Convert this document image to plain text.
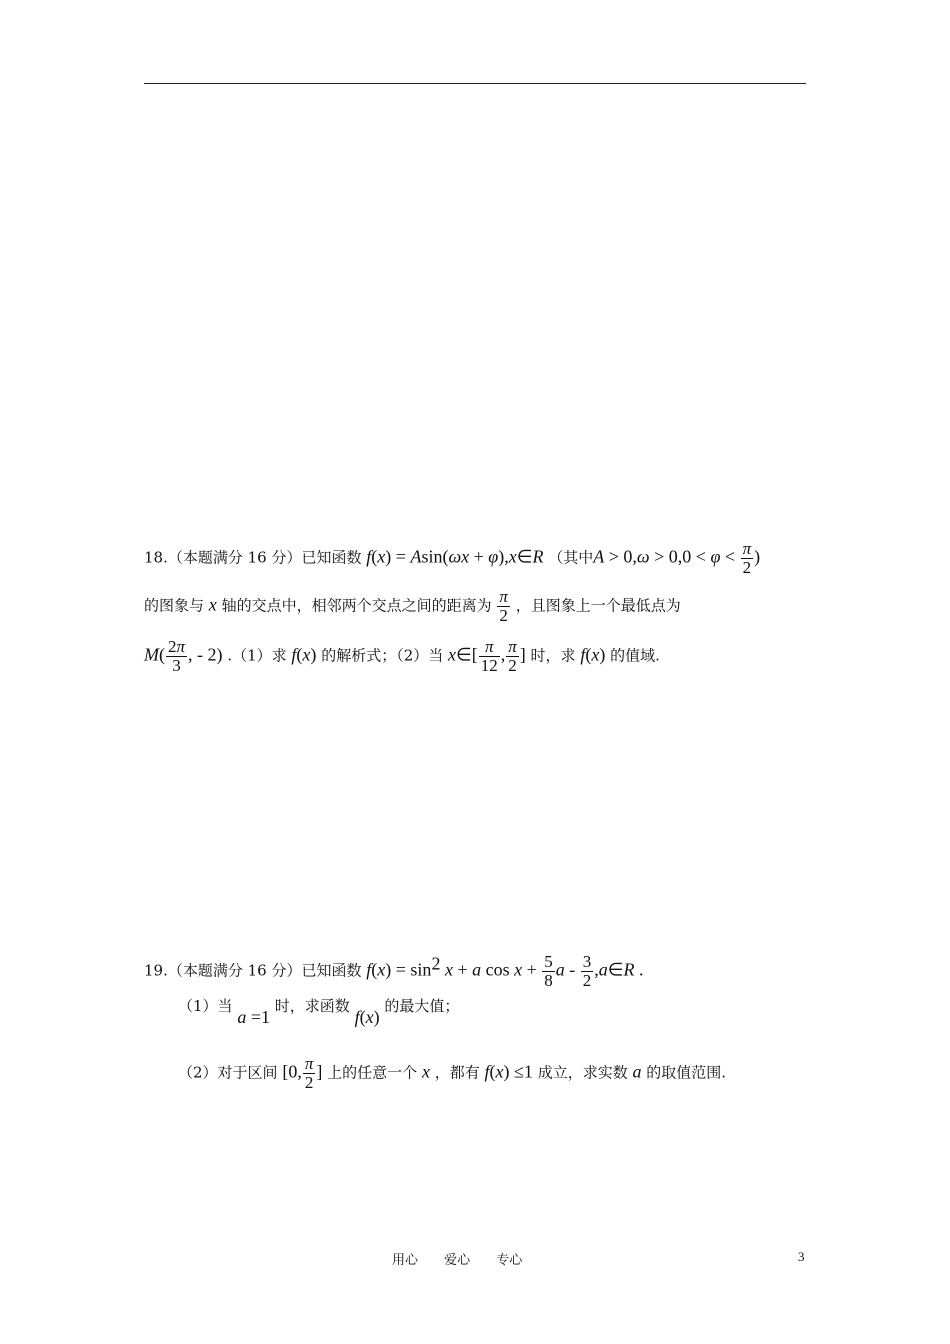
18.（本题满分 16 分）已知函数 f(x) = Asin(ωx + φ),x∈R （其中$A > 0,\omega > 0,0 < \varphi < \frac{\pi}{2}$ )
的图象与 x 轴的交点中，相邻两个交点之间的距离为 $\frac{\pi}{2}$ ，且图象上一个最低点为
$M( \frac{2\pi}{3}$ , - 2) .（1）求 f(x) 的解析式；（2）当 x∈[ $\frac{\pi}{12}$ , $\frac{\pi}{2}$ ] 时，求 f(x) 的值域.
19.（本题满分 16 分）已知函数 $f(x) = \sin^2 x + a$ $\cos x + \frac{5}{8}$ a - $\frac{3}{2}$ ,a∈R .
（1）当 a =1 时，求函数 f(x) 的最大值；
（2）对于区间 [0, $\frac{\pi}{2}$ ] 上的任意一个 x ，都有 f(x) ≤1 成立，求实数 a 的取值范围.
用心 爱心 专心	3
